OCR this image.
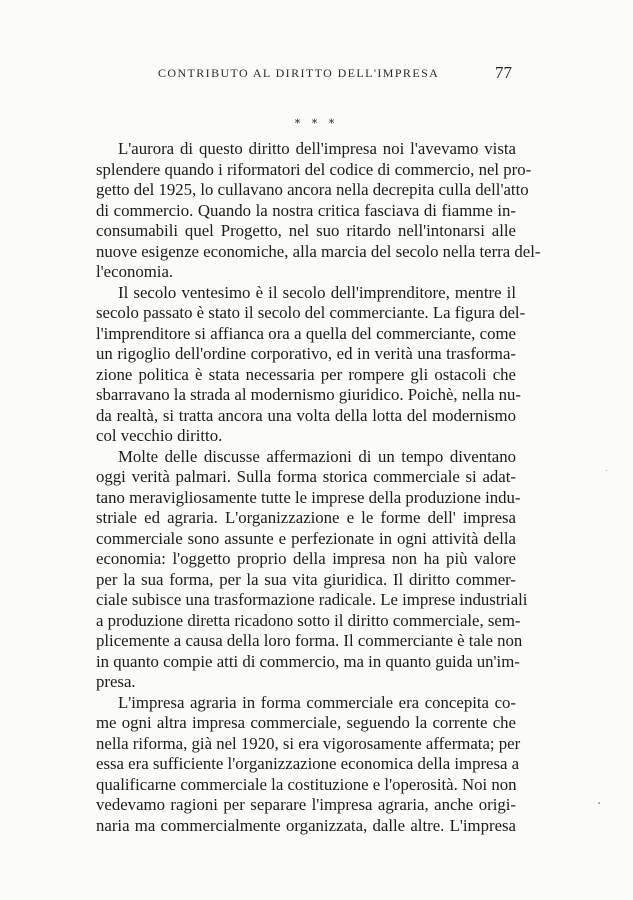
CONTRIBUTO AL DIRITTO DELL'IMPRESA	77
* * *
L'aurora di questo diritto dell'impresa noi l'avevamo vista
splendere quando i riformatori del codice di commercio, nel pro-
getto del 1925, lo cullavano ancora nella decrepita culla dell'atto
di commercio. Quando la nostra critica fasciava di fiamme in-
consumabili quel Progetto, nel suo ritardo nell'intonarsi alle
nuove esigenze economiche, alla marcia del secolo nella terra del-
l'economia.
Il secolo ventesimo è il secolo dell'imprenditore, mentre il
secolo passato è stato il secolo del commerciante. La figura del-
l'imprenditore si affianca ora a quella del commerciante, come
un rigoglio dell'ordine corporativo, ed in verità una trasforma-
zione politica è stata necessaria per rompere gli ostacoli che
sbarravano la strada al modernismo giuridico. Poichè, nella nu-
da realtà, si tratta ancora una volta della lotta del modernismo
col vecchio diritto.
Molte delle discusse affermazioni di un tempo diventano
oggi verità palmari. Sulla forma storica commerciale si adat-
tano meravigliosamente tutte le imprese della produzione indu-
striale ed agraria. L'organizzazione e le forme dell' impresa
commerciale sono assunte e perfezionate in ogni attività della
economia: l'oggetto proprio della impresa non ha più valore
per la sua forma, per la sua vita giuridica. Il diritto commer-
ciale subisce una trasformazione radicale. Le imprese industriali
a produzione diretta ricadono sotto il diritto commerciale, sem-
plicemente a causa della loro forma. Il commerciante è tale non
in quanto compie atti di commercio, ma in quanto guida un'im-
presa.
L'impresa agraria in forma commerciale era concepita co-
me ogni altra impresa commerciale, seguendo la corrente che
nella riforma, già nel 1920, si era vigorosamente affermata; per
essa era sufficiente l'organizzazione economica della impresa a
qualificarne commerciale la costituzione e l'operosità. Noi non
vedevamo ragioni per separare l'impresa agraria, anche origi-
naria ma commercialmente organizzata, dalle altre. L'impresa
